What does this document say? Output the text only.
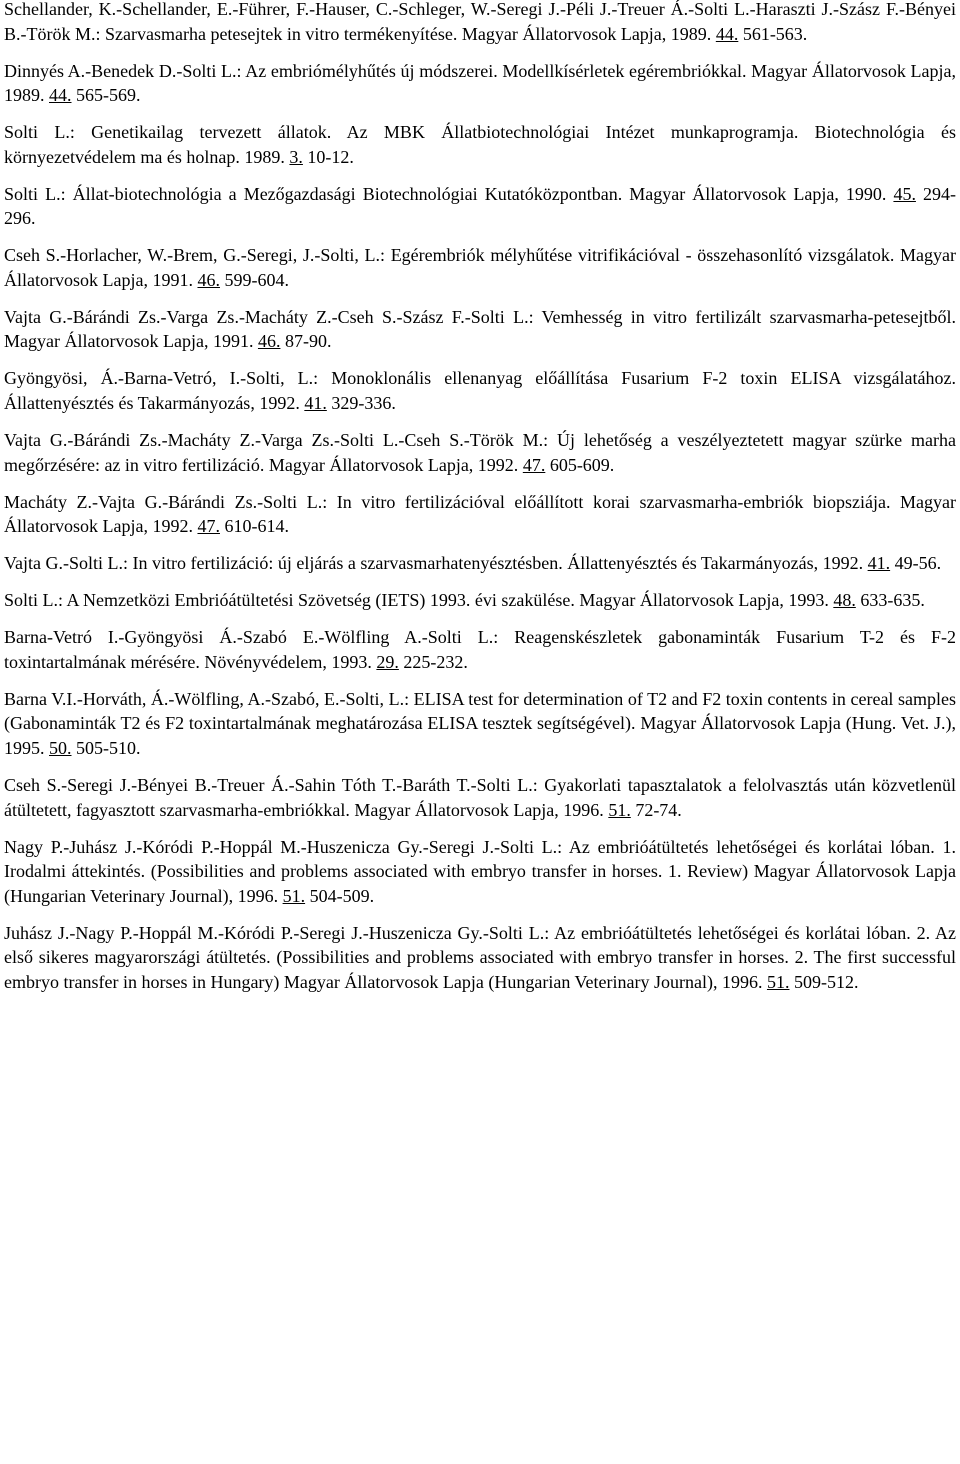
Schellander, K.-Schellander, E.-Führer, F.-Hauser, C.-Schleger, W.-Seregi J.-Péli J.-Treuer Á.-Solti L.-Haraszti J.-Szász F.-Bényei B.-Török M.: Szarvasmarha petesejtek in vitro termékenyítése. Magyar Állatorvosok Lapja, 1989. 44. 561-563.

Dinnyés A.-Benedek D.-Solti L.: Az embriómélyhűtés új módszerei. Modellkísérletek egérembriókkal. Magyar Állatorvosok Lapja, 1989. 44. 565-569.

Solti L.: Genetikailag tervezett állatok. Az MBK Állatbiotechnológiai Intézet munkaprogramja. Biotechnológia és környezetvédelem ma és holnap. 1989. 3. 10-12.

Solti L.: Állat-biotechnológia a Mezőgazdasági Biotechnológiai Kutatóközpontban. Magyar Állatorvosok Lapja, 1990. 45. 294-296.

Cseh S.-Horlacher, W.-Brem, G.-Seregi, J.-Solti, L.: Egérembriók mélyhűtése vitrifikációval - összehasonlító vizsgálatok. Magyar Állatorvosok Lapja, 1991. 46. 599-604.

Vajta G.-Bárándi Zs.-Varga Zs.-Macháty Z.-Cseh S.-Szász F.-Solti L.: Vemhesség in vitro fertilizált szarvasmarha-petesejtből. Magyar Állatorvosok Lapja, 1991. 46. 87-90.

Gyöngyösi, Á.-Barna-Vetró, I.-Solti, L.: Monoklonális ellenanyag előállítása Fusarium F-2 toxin ELISA vizsgálatához. Állattenyésztés és Takarmányozás, 1992. 41. 329-336.

Vajta G.-Bárándi Zs.-Macháty Z.-Varga Zs.-Solti L.-Cseh S.-Török M.: Új lehetőség a veszélyeztetett magyar szürke marha megőrzésére: az in vitro fertilizáció. Magyar Állatorvosok Lapja, 1992. 47. 605-609.

Macháty Z.-Vajta G.-Bárándi Zs.-Solti L.: In vitro fertilizációval előállított korai szarvasmarha-embriók biopsziája. Magyar Állatorvosok Lapja, 1992. 47. 610-614.

Vajta G.-Solti L.: In vitro fertilizáció: új eljárás a szarvasmarhatenyésztésben. Állattenyésztés és Takarmányozás, 1992. 41. 49-56.

Solti L.: A Nemzetközi Embrióátültetési Szövetség (IETS) 1993. évi szakülése. Magyar Állatorvosok Lapja, 1993. 48. 633-635.

Barna-Vetró I.-Gyöngyösi Á.-Szabó E.-Wölfling A.-Solti L.: Reagenskészletek gabonaminták Fusarium T-2 és F-2 toxintartalmának mérésére. Növényvédelem, 1993. 29. 225-232.

Barna V.I.-Horváth, Á.-Wölfling, A.-Szabó, E.-Solti, L.: ELISA test for determination of T2 and F2 toxin contents in cereal samples (Gabonaminták T2 és F2 toxintartalmának meghatározása ELISA tesztek segítségével). Magyar Állatorvosok Lapja (Hung. Vet. J.), 1995. 50. 505-510.

Cseh S.-Seregi J.-Bényei B.-Treuer Á.-Sahin Tóth T.-Baráth T.-Solti L.: Gyakorlati tapasztalatok a felolvasztás után közvetlenül átültetett, fagyasztott szarvasmarha-embriókkal. Magyar Állatorvosok Lapja, 1996. 51. 72-74.

Nagy P.-Juhász J.-Kóródi P.-Hoppál M.-Huszenicza Gy.-Seregi J.-Solti L.: Az embrióátültetés lehetőségei és korlátai lóban. 1. Irodalmi áttekintés. (Possibilities and problems associated with embryo transfer in horses. 1. Review) Magyar Állatorvosok Lapja (Hungarian Veterinary Journal), 1996. 51. 504-509.

Juhász J.-Nagy P.-Hoppál M.-Kóródi P.-Seregi J.-Huszenicza Gy.-Solti L.: Az embrióátültetés lehetőségei és korlátai lóban. 2. Az első sikeres magyarországi átültetés. (Possibilities and problems associated with embryo transfer in horses. 2. The first successful embryo transfer in horses in Hungary) Magyar Állatorvosok Lapja (Hungarian Veterinary Journal), 1996. 51. 509-512.
